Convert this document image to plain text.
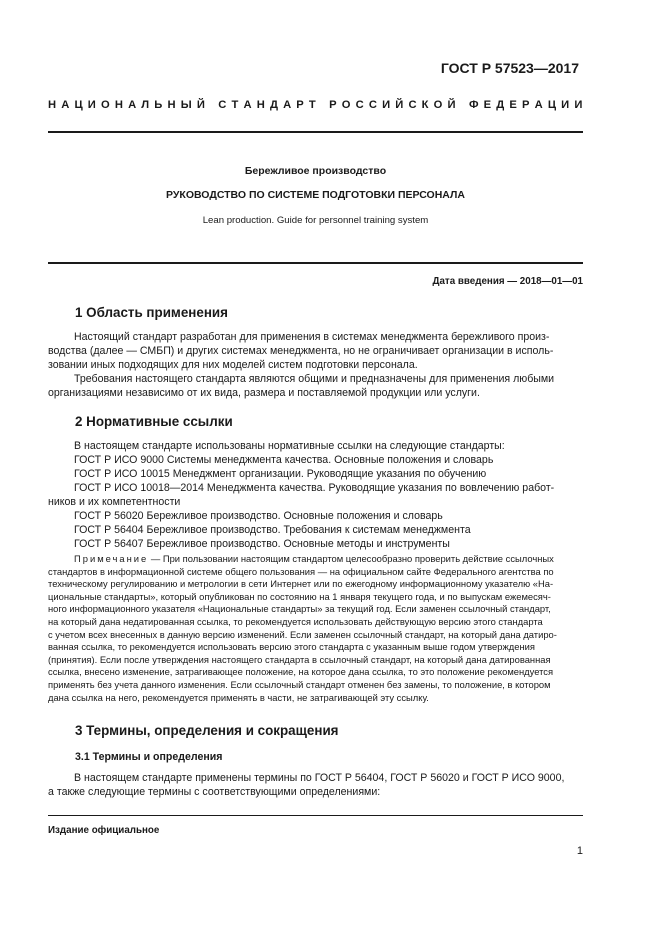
ГОСТ Р 57523—2017
Н А Ц И О Н А Л Ь Н Ы Й
С Т А Н Д А Р Т
Р О С С И Й С К О Й
Ф Е Д Е Р А Ц И И
Бережливое производство
РУКОВОДСТВО ПО СИСТЕМЕ ПОДГОТОВКИ ПЕРСОНАЛА
Lean production. Guide for personnel training system
Дата введения — 2018—01—01
1 Область применения
Настоящий стандарт разработан для применения в системах менеджмента бережливого произ-
водства (далее — СМБП) и других системах менеджмента, но не ограничивает организации в исполь-
зовании иных подходящих для них моделей систем подготовки персонала.
Требования настоящего стандарта являются общими и предназначены для применения любыми
организациями независимо от их вида, размера и поставляемой продукции или услуги.
2 Нормативные ссылки
В настоящем стандарте использованы нормативные ссылки на следующие стандарты:
ГОСТ Р ИСО 9000 Системы менеджмента качества. Основные положения и словарь
ГОСТ Р ИСО 10015 Менеджмент организации. Руководящие указания по обучению
ГОСТ Р ИСО 10018—2014 Менеджмента качества. Руководящие указания по вовлечению работ-
ников и их компетентности
ГОСТ Р 56020 Бережливое производство. Основные положения и словарь
ГОСТ Р 56404 Бережливое производство. Требования к системам менеджмента
ГОСТ Р 56407 Бережливое производство. Основные методы и инструменты
Примечание — При пользовании настоящим стандартом целесообразно проверить действие ссылочных
стандартов в информационной системе общего пользования — на официальном сайте Федерального агентства по
техническому регулированию и метрологии в сети Интернет или по ежегодному информационному указателю «На-
циональные стандарты», который опубликован по состоянию на 1 января текущего года, и по выпускам ежемесяч-
ного информационного указателя «Национальные стандарты» за текущий год. Если заменен ссылочный стандарт,
на который дана недатированная ссылка, то рекомендуется использовать действующую версию этого стандарта
с учетом всех внесенных в данную версию изменений. Если заменен ссылочный стандарт, на который дана датиро-
ванная ссылка, то рекомендуется использовать версию этого стандарта с указанным выше годом утверждения
(принятия). Если после утверждения настоящего стандарта в ссылочный стандарт, на который дана датированная
ссылка, внесено изменение, затрагивающее положение, на которое дана ссылка, то это положение рекомендуется
применять без учета данного изменения. Если ссылочный стандарт отменен без замены, то положение, в котором
дана ссылка на него, рекомендуется применять в части, не затрагивающей эту ссылку.
3 Термины, определения и сокращения
3.1 Термины и определения
В настоящем стандарте применены термины по ГОСТ Р 56404, ГОСТ Р 56020 и ГОСТ Р ИСО 9000,
а также следующие термины с соответствующими определениями:
Издание официальное
1
